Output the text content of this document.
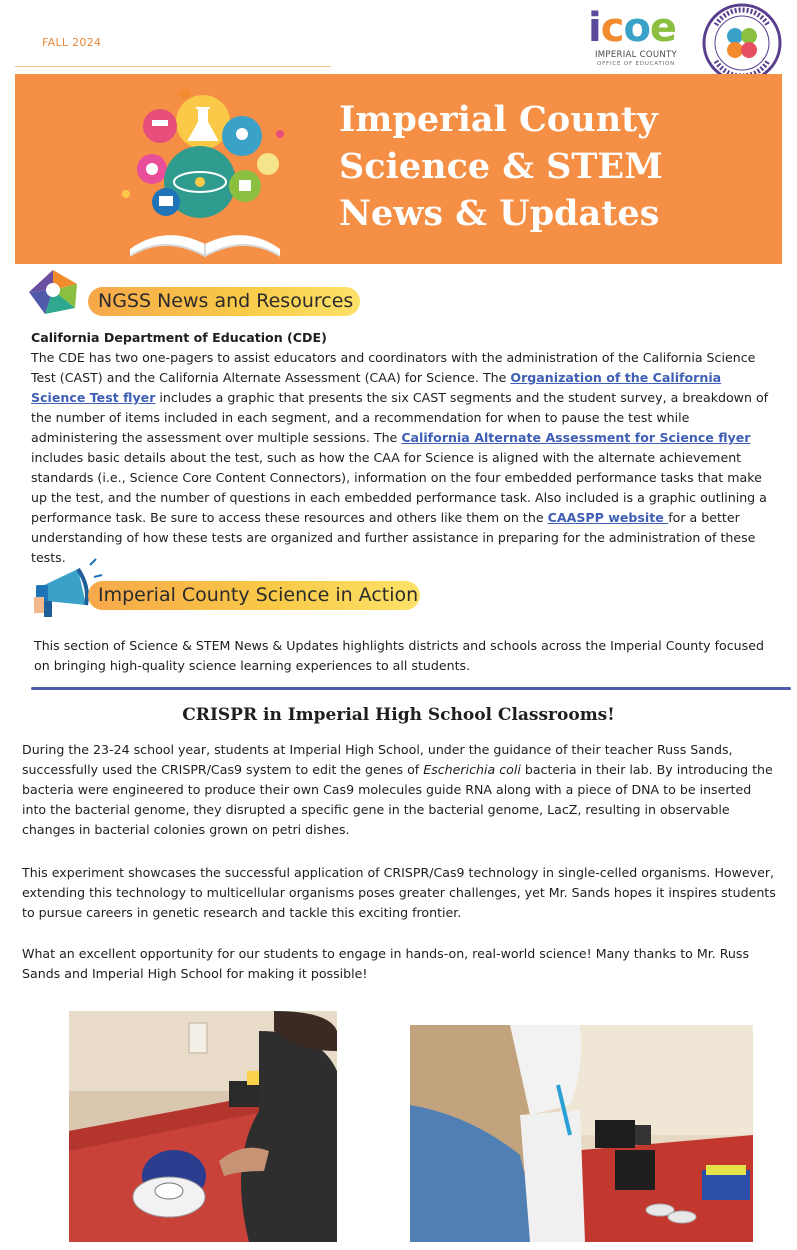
FALL 2024	icoe
IMPERIAL COUNTY
OFFICE OF EDUCATION
Imperial County
Science & STEM
News & Updates
NGSS News and Resources
California Department of Education (CDE)
The CDE has two one-pagers to assist educators and coordinators with the administration of the California Science Test (CAST) and the California Alternate Assessment (CAA) for Science. The Organization of the California Science Test flyer includes a graphic that presents the six CAST segments and the student survey, a breakdown of the number of items included in each segment, and a recommendation for when to pause the test while administering the assessment over multiple sessions. The California Alternate Assessment for Science flyer includes basic details about the test, such as how the CAA for Science is aligned with the alternate achievement standards (i.e., Science Core Content Connectors), information on the four embedded performance tasks that make up the test, and the number of questions in each embedded performance task. Also included is a graphic outlining a performance task. Be sure to access these resources and others like them on the CAASPP website for a better understanding of how these tests are organized and further assistance in preparing for the administration of these tests.
Imperial County Science in Action
This section of Science & STEM News & Updates highlights districts and schools across the Imperial County focused on bringing high-quality science learning experiences to all students.
CRISPR in Imperial High School Classrooms!
During the 23-24 school year, students at Imperial High School, under the guidance of their teacher Russ Sands, successfully used the CRISPR/Cas9 system to edit the genes of Escherichia coli bacteria in their lab. By introducing the bacteria were engineered to produce their own Cas9 molecules guide RNA along with a piece of DNA to be inserted into the bacterial genome, they disrupted a specific gene in the bacterial genome, LacZ, resulting in observable changes in bacterial colonies grown on petri dishes.
This experiment showcases the successful application of CRISPR/Cas9 technology in single-celled organisms. However, extending this technology to multicellular organisms poses greater challenges, yet Mr. Sands hopes it inspires students to pursue careers in genetic research and tackle this exciting frontier.
What an excellent opportunity for our students to engage in hands-on, real-world science! Many thanks to Mr. Russ Sands and Imperial High School for making it possible!
